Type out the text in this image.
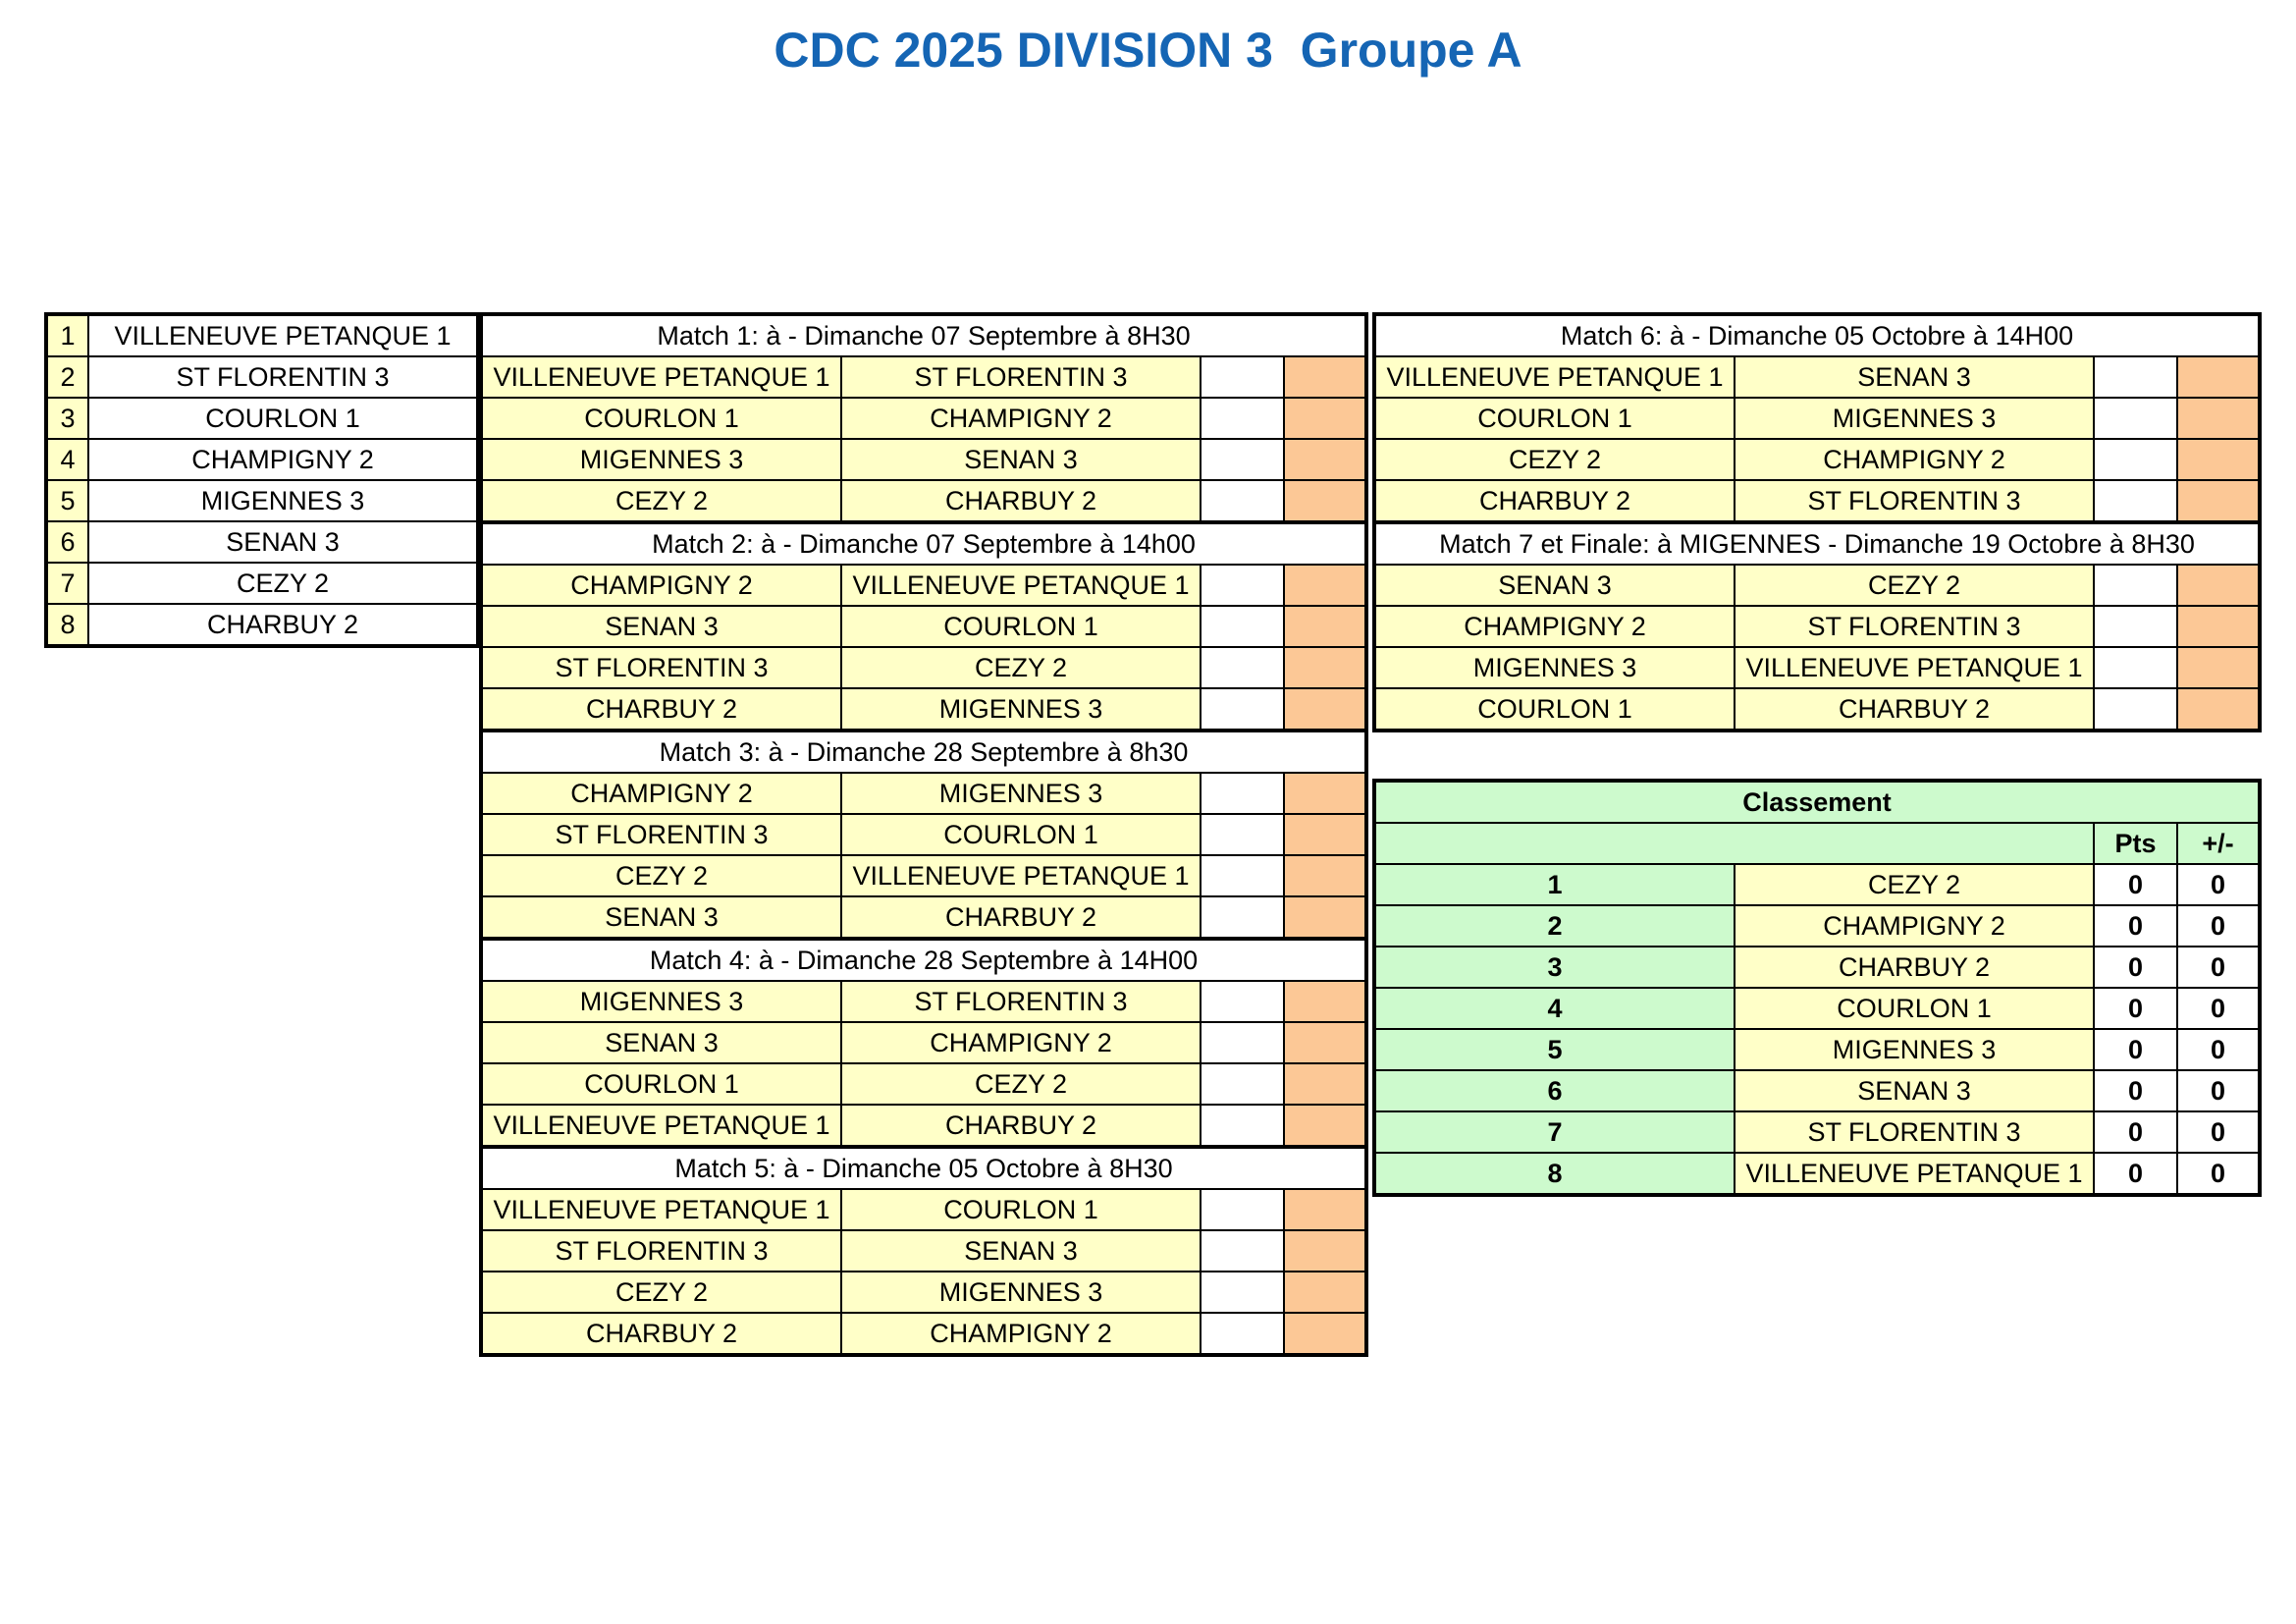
CDC 2025 DIVISION 3  Groupe A
1	VILLENEUVE PETANQUE 1
2	ST FLORENTIN 3
3	COURLON 1
4	CHAMPIGNY 2
5	MIGENNES 3
6	SENAN 3
7	CEZY 2
8	CHARBUY 2
Match 1: à - Dimanche 07 Septembre à 8H30			
VILLENEUVE PETANQUE 1	ST FLORENTIN 3		
COURLON 1	CHAMPIGNY 2		
MIGENNES 3	SENAN 3		
CEZY 2	CHARBUY 2		
Match 2: à - Dimanche 07 Septembre à 14h00			
CHAMPIGNY 2	VILLENEUVE PETANQUE 1		
SENAN 3	COURLON 1		
ST FLORENTIN 3	CEZY 2		
CHARBUY 2	MIGENNES 3		
Match 3: à - Dimanche 28 Septembre à 8h30			
CHAMPIGNY 2	MIGENNES 3		
ST FLORENTIN 3	COURLON 1		
CEZY 2	VILLENEUVE PETANQUE 1		
SENAN 3	CHARBUY 2		
Match 4: à - Dimanche 28 Septembre à 14H00			
MIGENNES 3	ST FLORENTIN 3		
SENAN 3	CHAMPIGNY 2		
COURLON 1	CEZY 2		
VILLENEUVE PETANQUE 1	CHARBUY 2		
Match 5: à - Dimanche 05 Octobre à 8H30			
VILLENEUVE PETANQUE 1	COURLON 1		
ST FLORENTIN 3	SENAN 3		
CEZY 2	MIGENNES 3		
CHARBUY 2	CHAMPIGNY 2		
Match 6: à - Dimanche 05 Octobre à 14H00			
VILLENEUVE PETANQUE 1	SENAN 3		
COURLON 1	MIGENNES 3		
CEZY 2	CHAMPIGNY 2		
CHARBUY 2	ST FLORENTIN 3		
Match 7 et Finale: à MIGENNES - Dimanche 19 Octobre à 8H30			
SENAN 3	CEZY 2		
CHAMPIGNY 2	ST FLORENTIN 3		
MIGENNES 3	VILLENEUVE PETANQUE 1		
COURLON 1	CHARBUY 2		
Classement			
		Pts	+/-
1	CEZY 2	0	0
2	CHAMPIGNY 2	0	0
3	CHARBUY 2	0	0
4	COURLON 1	0	0
5	MIGENNES 3	0	0
6	SENAN 3	0	0
7	ST FLORENTIN 3	0	0
8	VILLENEUVE PETANQUE 1	0	0
